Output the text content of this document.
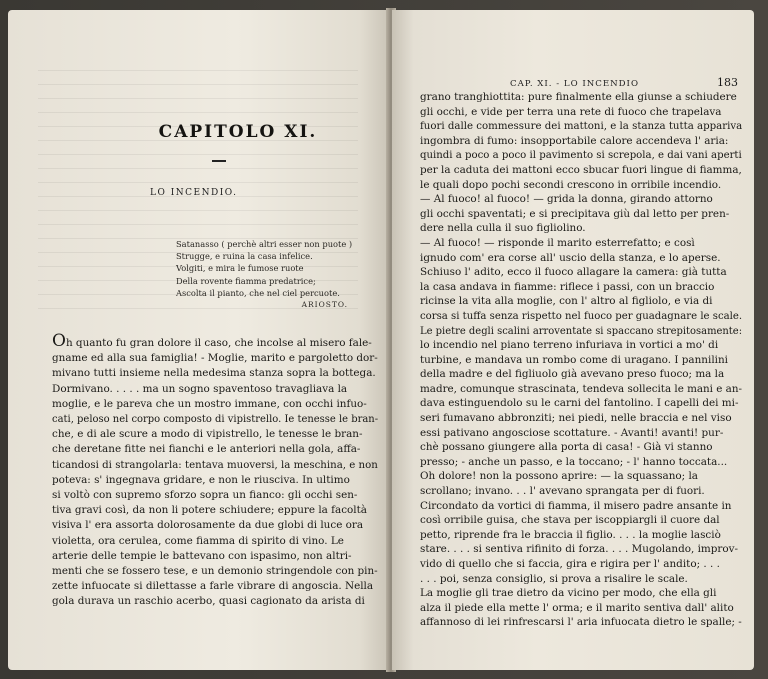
CAPITOLO XI.
LO INCENDIO.
Satanasso ( perchè altri esser non puote )
Strugge, e ruina la casa infelice.
Volgiti, e mira le fumose ruote
Della rovente fiamma predatrice;
Ascolta il pianto, che nel ciel percuote.
ARIOSTO.
Oh quanto fu gran dolore il caso, che incolse al misero fale-
gname ed alla sua famiglia! - Moglie, marito e pargoletto dor-
mivano tutti insieme nella medesima stanza sopra la bottega.
Dormivano. . . . . ma un sogno spaventoso travagliava la
moglie, e le pareva che un mostro immane, con occhi infuo-
cati, peloso nel corpo composto di vipistrello. Ie tenesse le bran-
che, e di ale scure a modo di vipistrello, le tenesse le bran-
che deretane fitte nei fianchi e le anteriori nella gola, affa-
ticandosi di strangolarla: tentava muoversi, la meschina, e non
poteva: s' ingegnava gridare, e non le riusciva. In ultimo
si voltò con supremo sforzo sopra un fianco: gli occhi sen-
tiva gravi così, da non li potere schiudere; eppure la facoltà
visiva l' era assorta dolorosamente da due globi di luce ora
violetta, ora cerulea, come fiamma di spirito di vino. Le
arterie delle tempie le battevano con ispasimo, non altri-
menti che se fossero tese, e un demonio stringendole con pin-
zette infuocate si dilettasse a farle vibrare di angoscia. Nella
gola durava un raschio acerbo, quasi cagionato da arista di
CAP. XI. - LO INCENDIO	183
grano tranghiottita: pure finalmente ella giunse a schiudere
gli occhi, e vide per terra una rete di fuoco che trapelava
fuori dalle commessure dei mattoni, e la stanza tutta appariva
ingombra di fumo: insopportabile calore accendeva l' aria:
quindi a poco a poco il pavimento si screpola, e dai vani aperti
per la caduta dei mattoni ecco sbucar fuori lingue di fiamma,
le quali dopo pochi secondi crescono in orribile incendio.
— Al fuoco! al fuoco! — grida la donna, girando attorno
gli occhi spaventati; e si precipitava giù dal letto per pren-
dere nella culla il suo figliolino.
— Al fuoco! — risponde il marito esterrefatto; e così
ignudo com' era corse all' uscio della stanza, e lo aperse.
Schiuso l' adito, ecco il fuoco allagare la camera: già tutta
la casa andava in fiamme: riflece i passi, con un braccio
ricinse la vita alla moglie, con l' altro al figliolo, e via di
corsa si tuffa senza rispetto nel fuoco per guadagnare le scale.
Le pietre degli scalini arroventate si spaccano strepitosamente:
lo incendio nel piano terreno infuriava in vortici a mo' di
turbine, e mandava un rombo come di uragano. I pannilini
della madre e del figliuolo già avevano preso fuoco; ma la
madre, comunque strascinata, tendeva sollecita le mani e an-
dava estinguendolo su le carni del fantolino. I capelli dei mi-
seri fumavano abbronziti; nei piedi, nelle braccia e nel viso
essi pativano angosciose scottature. - Avanti! avanti! pur-
chè possano giungere alla porta di casa! - Già vi stanno
presso; - anche un passo, e la toccano; - l' hanno toccata...
Oh dolore! non la possono aprire: — la squassano; la
scrollano; invano. . . l' avevano sprangata per di fuori.
Circondato da vortici di fiamma, il misero padre ansante in
così orribile guisa, che stava per iscoppiargli il cuore dal
petto, riprende fra le braccia il figlio. . . . la moglie lasciò
stare. . . . si sentiva rifinito di forza. . . . Mugolando, improv-
vido di quello che si faccia, gira e rigira per l' andito; . . .
. . . poi, senza consiglio, si prova a risalire le scale.
La moglie gli trae dietro da vicino per modo, che ella gli
alza il piede ella mette l' orma; e il marito sentiva dall' alito
affannoso di lei rinfrescarsi l' aria infuocata dietro le spalle; -
